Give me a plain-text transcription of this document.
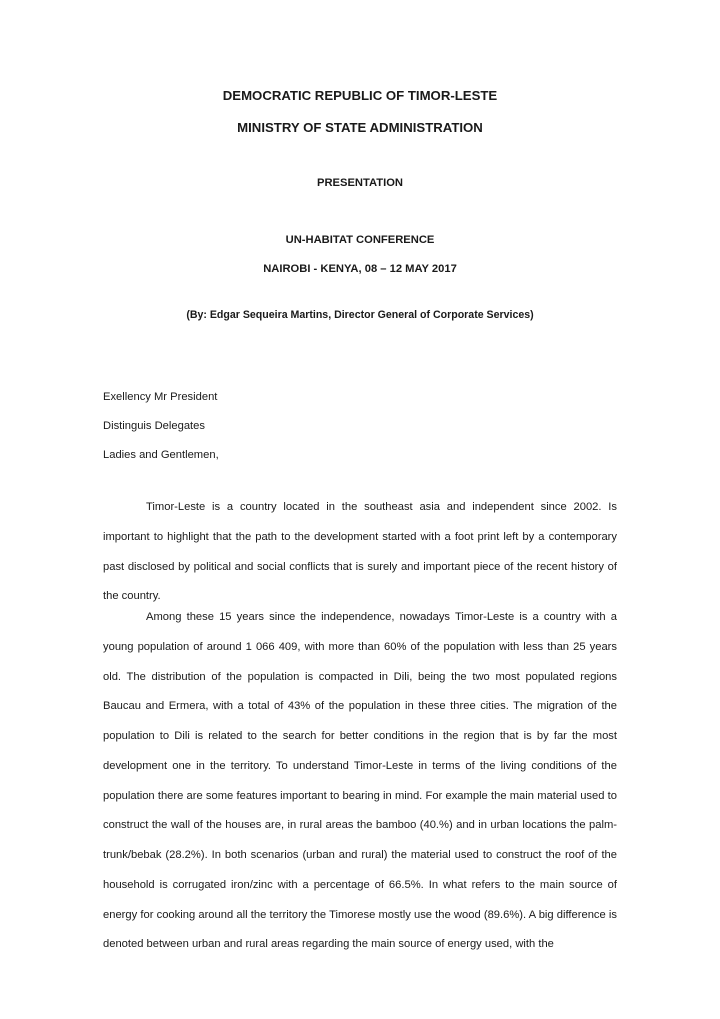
DEMOCRATIC REPUBLIC OF TIMOR-LESTE
MINISTRY OF STATE ADMINISTRATION
PRESENTATION
UN-HABITAT CONFERENCE
NAIROBI - KENYA, 08 – 12 MAY 2017
(By: Edgar Sequeira Martins, Director General of Corporate Services)
Exellency Mr President
Distinguis Delegates
Ladies and Gentlemen,

Timor-Leste is a country located in the southeast asia and independent since 2002. Is important to highlight that the path to the development started with a foot print left by a contemporary past disclosed by political and social conflicts that is surely and important piece of the recent history of the country.

Among these 15 years since the independence, nowadays Timor-Leste is a country with a young population of around 1 066 409, with more than 60% of the population with less than 25 years old. The distribution of the population is compacted in Dili, being the two most populated regions Baucau and Ermera, with a total of 43% of the population in these three cities. The migration of the population to Dili is related to the search for better conditions in the region that is by far the most development one in the territory. To understand Timor-Leste in terms of the living conditions of the population there are some features important to bearing in mind. For example the main material used to construct the wall of the houses are, in rural areas the bamboo (40.%) and in urban locations the palm- trunk/bebak (28.2%). In both scenarios (urban and rural) the material used to construct the roof of the household is corrugated iron/zinc with a percentage of 66.5%. In what refers to the main source of energy for cooking around all the territory the Timorese mostly use the wood (89.6%). A big difference is denoted between urban and rural areas regarding the main source of energy used, with the
